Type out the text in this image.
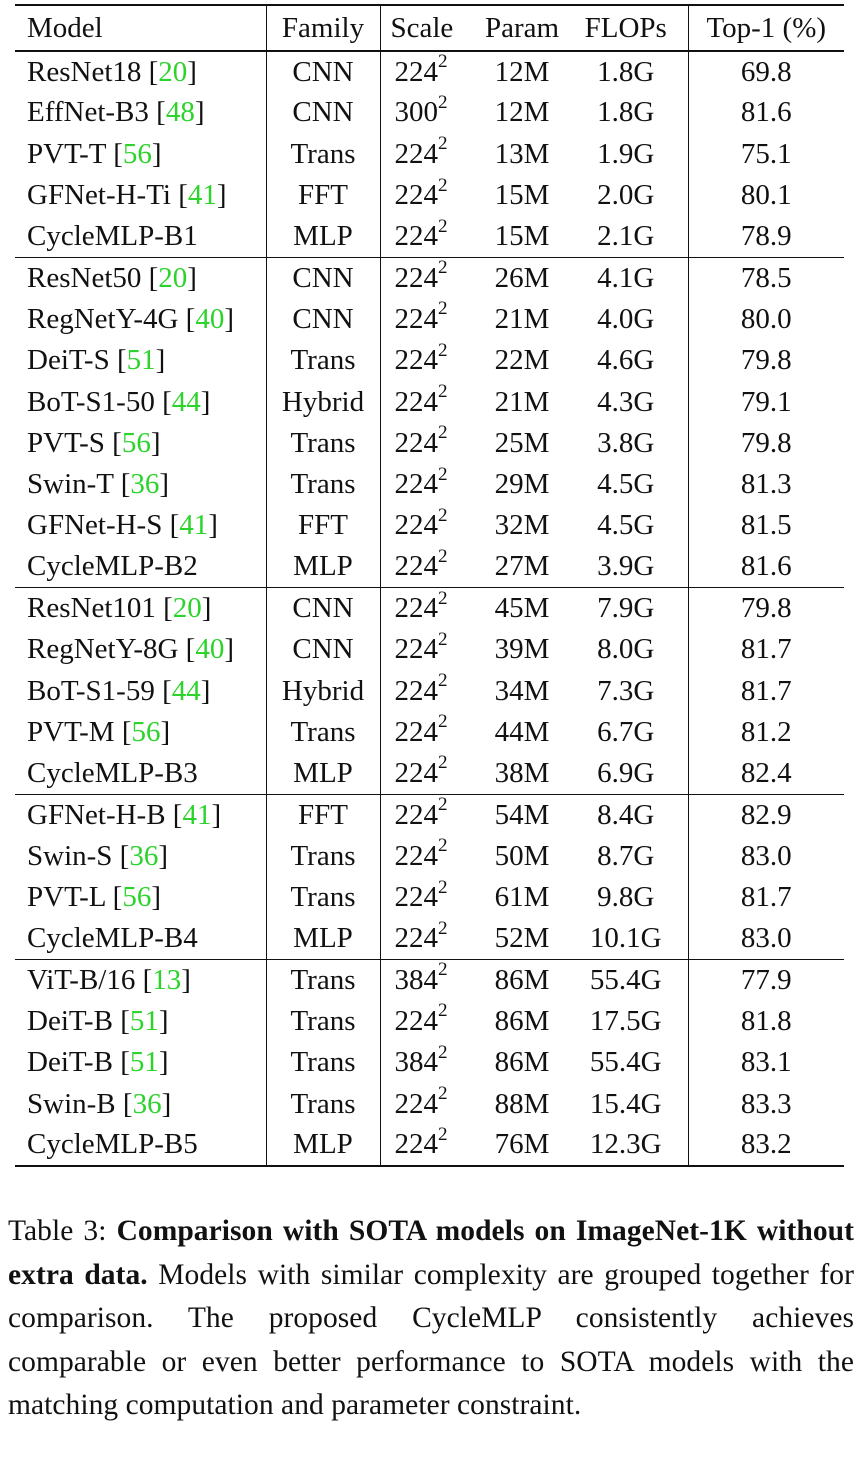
Model	Family	Scale	Param	FLOPs	Top-1 (%)
ResNet18 [20]	CNN	$224^2$	12M	1.8G	69.8
EffNet-B3 [48]	CNN	$300^2$	12M	1.8G	81.6
PVT-T [56]	Trans	$224^2$	13M	1.9G	75.1
GFNet-H-Ti [41]	FFT	$224^2$	15M	2.0G	80.1
CycleMLP-B1	MLP	$224^2$	15M	2.1G	78.9
ResNet50 [20]	CNN	$224^2$	26M	4.1G	78.5
RegNetY-4G [40]	CNN	$224^2$	21M	4.0G	80.0
DeiT-S [51]	Trans	$224^2$	22M	4.6G	79.8
BoT-S1-50 [44]	Hybrid	$224^2$	21M	4.3G	79.1
PVT-S [56]	Trans	$224^2$	25M	3.8G	79.8
Swin-T [36]	Trans	$224^2$	29M	4.5G	81.3
GFNet-H-S [41]	FFT	$224^2$	32M	4.5G	81.5
CycleMLP-B2	MLP	$224^2$	27M	3.9G	81.6
ResNet101 [20]	CNN	$224^2$	45M	7.9G	79.8
RegNetY-8G [40]	CNN	$224^2$	39M	8.0G	81.7
BoT-S1-59 [44]	Hybrid	$224^2$	34M	7.3G	81.7
PVT-M [56]	Trans	$224^2$	44M	6.7G	81.2
CycleMLP-B3	MLP	$224^2$	38M	6.9G	82.4
GFNet-H-B [41]	FFT	$224^2$	54M	8.4G	82.9
Swin-S [36]	Trans	$224^2$	50M	8.7G	83.0
PVT-L [56]	Trans	$224^2$	61M	9.8G	81.7
CycleMLP-B4	MLP	$224^2$	52M	10.1G	83.0
ViT-B/16 [13]	Trans	$384^2$	86M	55.4G	77.9
DeiT-B [51]	Trans	$224^2$	86M	17.5G	81.8
DeiT-B [51]	Trans	$384^2$	86M	55.4G	83.1
Swin-B [36]	Trans	$224^2$	88M	15.4G	83.3
CycleMLP-B5	MLP	$224^2$	76M	12.3G	83.2
Table 3: Comparison with SOTA models on ImageNet-1K without extra data. Models with similar complexity are grouped together for comparison. The proposed CycleMLP consistently achieves comparable or even better performance to SOTA models with the matching computation and parameter constraint.
